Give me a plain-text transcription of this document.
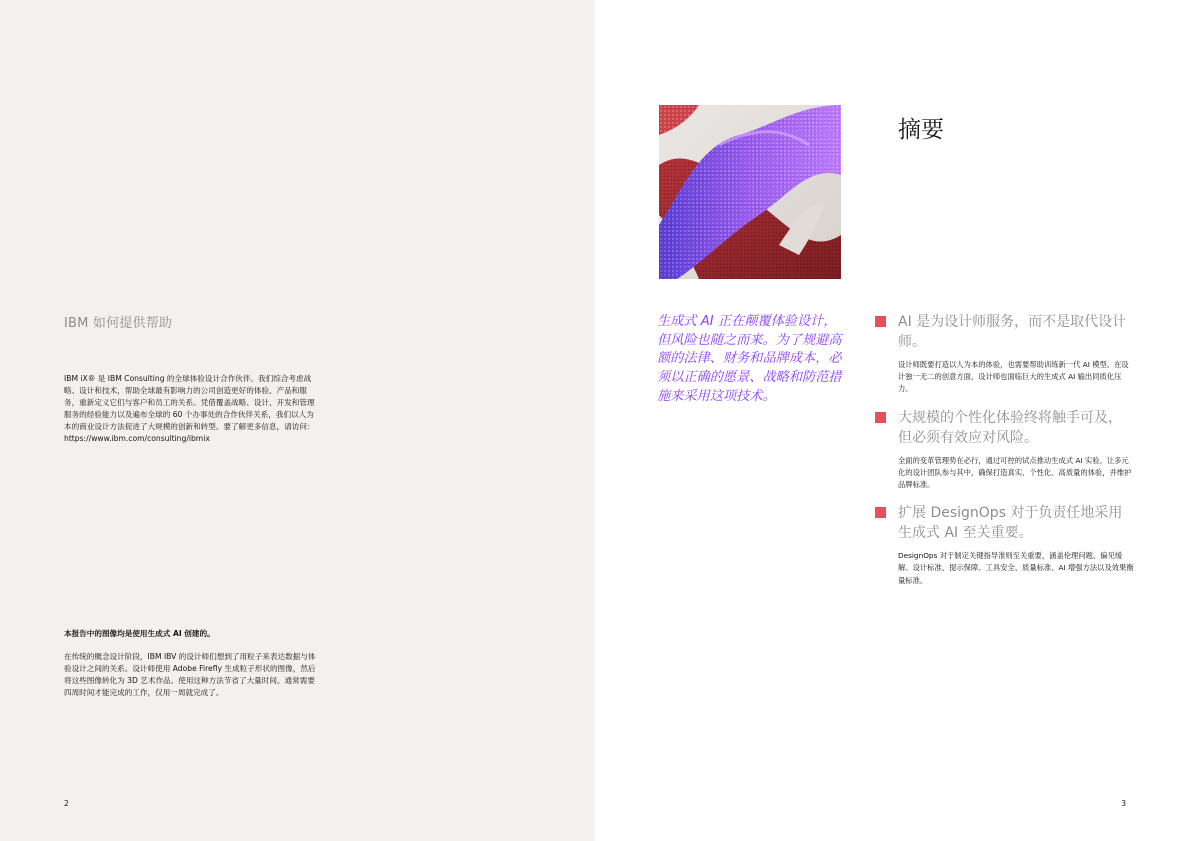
IBM 如何提供帮助
IBM iX® 是 IBM Consulting 的全球体验设计合作伙伴。我们综合考虑战略、设计和技术，帮助全球最有影响力的公司创造更好的体验、产品和服务，重新定义它们与客户和员工的关系。凭借覆盖战略、设计、开发和管理服务的经验能力以及遍布全球的 60 个办事处的合作伙伴关系，我们以人为本的商业设计方法促进了大规模的创新和转型。要了解更多信息，请访问：https://www.ibm.com/consulting/ibmix
本报告中的图像均是使用生成式 AI 创建的。
在传统的概念设计阶段，IBM IBV 的设计师们想到了用粒子来表达数据与体验设计之间的关系。设计师使用 Adobe Firefly 生成粒子形状的图像，然后将这些图像转化为 3D 艺术作品。使用这种方法节省了大量时间。通常需要四周时间才能完成的工作，仅用一周就完成了。
2
摘要
生成式 AI 正在颠覆体验设计，但风险也随之而来。为了规避高额的法律、财务和品牌成本，必须以正确的愿景、战略和防范措施来采用这项技术。
AI 是为设计师服务，而不是取代设计师。
设计师既要打造以人为本的体验，也需要帮助训练新一代 AI 模型。在设计独一无二的创意方面，设计师也面临巨大的生成式 AI 输出同质化压力。
大规模的个性化体验终将触手可及，但必须有效应对风险。
全面的变革管理势在必行，通过可控的试点推动生成式 AI 实验。让多元化的设计团队参与其中，确保打造真实、个性化、高质量的体验，并维护品牌标准。
扩展 DesignOps 对于负责任地采用生成式 AI 至关重要。
DesignOps 对于制定关键指导准则至关重要，涵盖伦理问题、偏见缓解、设计标准、提示保障、工具安全、质量标准、AI 增强方法以及效果衡量标准。
3
